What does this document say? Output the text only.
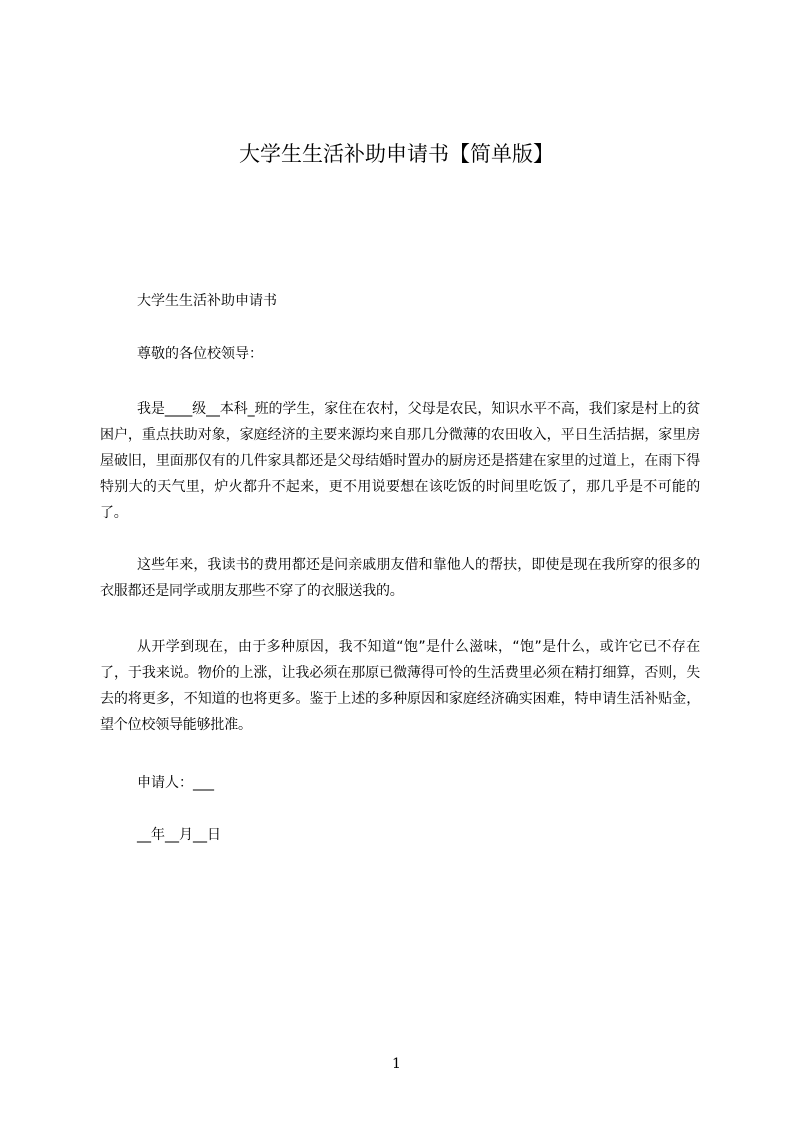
大学生生活补助申请书【简单版】

大学生生活补助申请书

尊敬的各位校领导：

我是____级__本科_班的学生，家住在农村，父母是农民，知识水平不高，我们家是村上的贫困户，重点扶助对象，家庭经济的主要来源均来自那几分微薄的农田收入，平日生活拮据，家里房屋破旧，里面那仅有的几件家具都还是父母结婚时置办的厨房还是搭建在家里的过道上，在雨下得特别大的天气里，炉火都升不起来，更不用说要想在该吃饭的时间里吃饭了，那几乎是不可能的了。

这些年来，我读书的费用都还是问亲戚朋友借和靠他人的帮扶，即使是现在我所穿的很多的衣服都还是同学或朋友那些不穿了的衣服送我的。

从开学到现在，由于多种原因，我不知道“饱”是什么滋味，“饱”是什么，或许它已不存在了，于我来说。物价的上涨，让我必须在那原已微薄得可怜的生活费里必须在精打细算，否则，失去的将更多，不知道的也将更多。鉴于上述的多种原因和家庭经济确实困难，特申请生活补贴金，望个位校领导能够批准。

申请人：___

__年__月__日

1
